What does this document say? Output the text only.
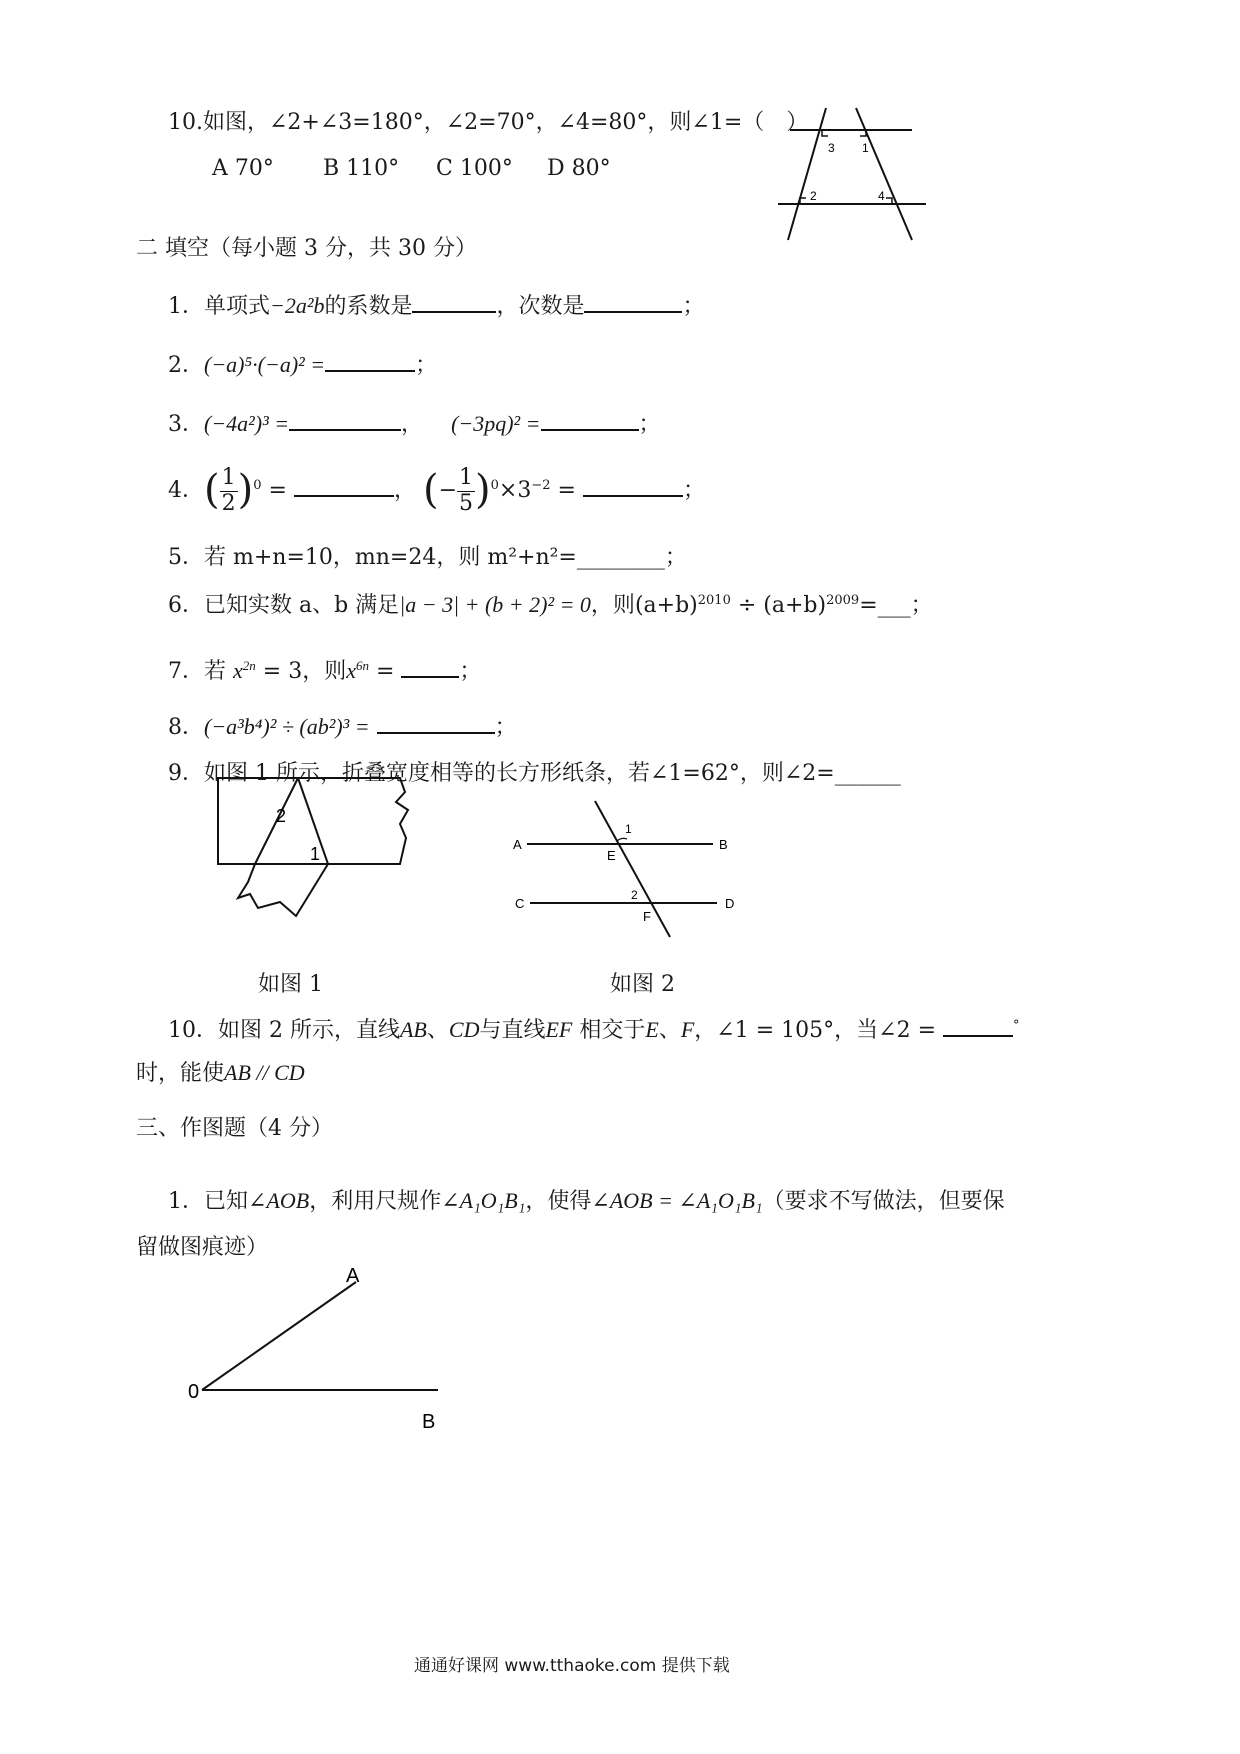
10.如图，∠2+∠3=180°，∠2=70°，∠4=80°，则∠1=（　）
A 70° B 110° C 100° D 80°
3 1
2	4
二 填空（每小题 3 分，共 30 分）
1．单项式−2a²b的系数是	，次数是	；
2．(−a)⁵·(−a)² =	；
3．(−4a²)³ =	， (−3pq)² =	；
4．( $\frac{1}{2} )^0$ =	， (− $\frac{1}{5} )^0\times 3^{-2}$ =	；
5．若 m+n=10，mn=24，则 m²+n²=________；
6．已知实数 a、b 满足|a − 3| + (b + 2)² = 0，则$(a+b)^{2010}$ ÷ $(a+b)^{2009}=\_\_\_$；
7．若 $x^{2n} = 3$，则$x^{6n}$ =	；
8．(−a³b⁴)² ÷ (ab²)³ =	；
9．如图 1 所示，折叠宽度相等的长方形纸条，若∠1=62°，则∠2=______
2
1	A
E
B
1
C
2
F
D
如图 1	如图 2
10．如图 2 所示，直线AB、CD与直线EF 相交于E、F，∠1 = 105°，当∠2 =	°
时，能使AB // CD
三、作图题（4 分）
1．已知∠AOB，利用尺规作∠A₁O₁B₁，使得∠AOB = ∠A₁O₁B₁（要求不写做法，但要保
留做图痕迹）
A
0
B
通通好课网 www.tthaoke.com 提供下载
